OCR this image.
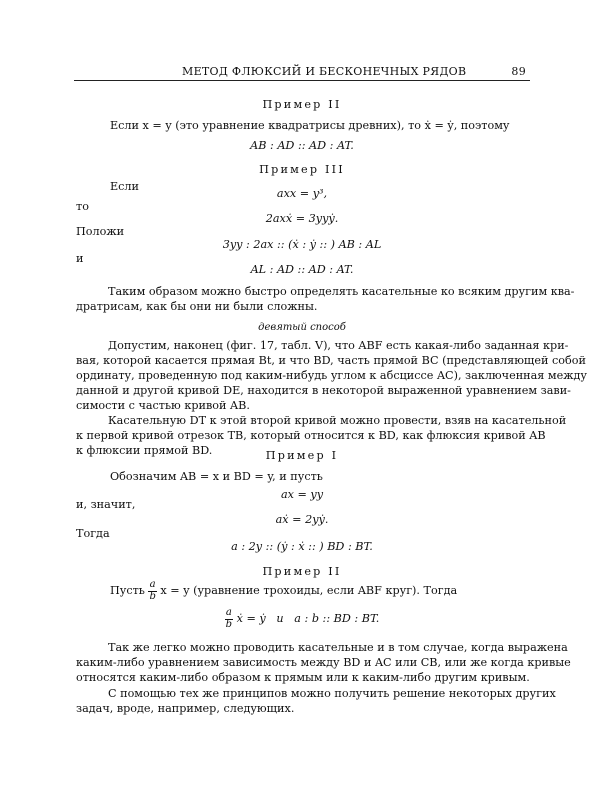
МЕТОД ФЛЮКСИЙ И БЕСКОНЕЧНЫХ РЯДОВ	89
Пример II
Если x = y (это уравнение квадратрисы древних), то ẋ = ẏ, поэтому
AB : AD :: AD : AT.
Пример III
Если
axx = y³,
то
2axẋ = 3yyẏ.
Положи
3yy : 2ax :: (ẋ : ẏ :: ) AB : AL
и
AL : AD :: AD : AT.
Таким образом можно быстро определять касательные ко всяким другим ква-
дратрисам, как бы они ни были сложны.
девятый способ
Допустим, наконец (фиг. 17, табл. V), что ABF есть какая-либо заданная кри-
вая, которой касается прямая Bt, и что BD, часть прямой BC (представляющей собой
ординату, проведенную под каким-нибудь углом к абсциссе AC), заключенная между
данной и другой кривой DE, находится в некоторой выраженной уравнением зави-
симости с частью кривой AB.
Касательную DT к этой второй кривой можно провести, взяв на касательной
к первой кривой отрезок TB, который относится к BD, как флюксия кривой AB
к флюксии прямой BD.	Пример I
Обозначим AB = x и BD = y, и пусть
ax = yy
и, значит,
aẋ = 2yẏ.
Тогда
a : 2y :: (ẏ : ẋ :: ) BD : BT.
Пример II
Пусть $\frac{a}{b}$ x = y (уравнение трохоиды, если ABF круг). Тогда
$\frac{a}{b}$ ẋ = ẏ   и   a : b :: BD : BT.
Так же легко можно проводить касательные и в том случае, когда выражена
каким-либо уравнением зависимость между BD и AC или CB, или же когда кривые
относятся каким-либо образом к прямым или к каким-либо другим кривым.
С помощью тех же принципов можно получить решение некоторых других
задач, вроде, например, следующих.
